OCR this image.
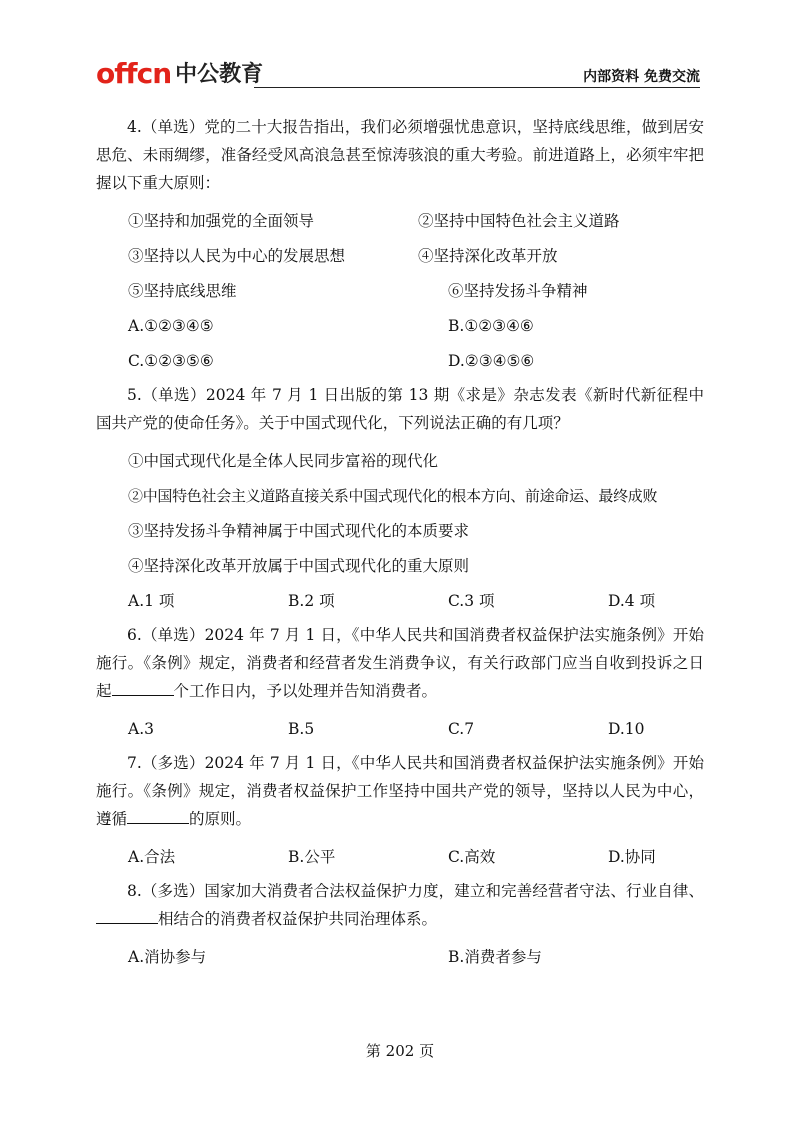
offcn 中公教育	内部资料 免费交流

4.（单选）党的二十大报告指出，我们必须增强忧患意识，坚持底线思维，做到居安思危、未雨绸缪，准备经受风高浪急甚至惊涛骇浪的重大考验。前进道路上，必须牢牢把握以下重大原则：

①坚持和加强党的全面领导	②坚持中国特色社会主义道路
③坚持以人民为中心的发展思想	④坚持深化改革开放
⑤坚持底线思维	⑥坚持发扬斗争精神
A.①②③④⑤	B.①②③④⑥
C.①②③⑤⑥	D.②③④⑤⑥

5.（单选）2024 年 7 月 1 日出版的第 13 期《求是》杂志发表《新时代新征程中国共产党的使命任务》。关于中国式现代化，下列说法正确的有几项？

①中国式现代化是全体人民同步富裕的现代化
②中国特色社会主义道路直接关系中国式现代化的根本方向、前途命运、最终成败
③坚持发扬斗争精神属于中国式现代化的本质要求
④坚持深化改革开放属于中国式现代化的重大原则
A.1 项	B.2 项	C.3 项	D.4 项

6.（单选）2024 年 7 月 1 日，《中华人民共和国消费者权益保护法实施条例》开始施行。《条例》规定，消费者和经营者发生消费争议，有关行政部门应当自收到投诉之日起	个工作日内，予以处理并告知消费者。

A.3	B.5	C.7	D.10

7.（多选）2024 年 7 月 1 日，《中华人民共和国消费者权益保护法实施条例》开始施行。《条例》规定，消费者权益保护工作坚持中国共产党的领导，坚持以人民为中心，遵循	的原则。

A.合法	B.公平	C.高效	D.协同

8.（多选）国家加大消费者合法权益保护力度，建立和完善经营者守法、行业自律、相结合的消费者权益保护共同治理体系。

A.消协参与	B.消费者参与
第 202 页
